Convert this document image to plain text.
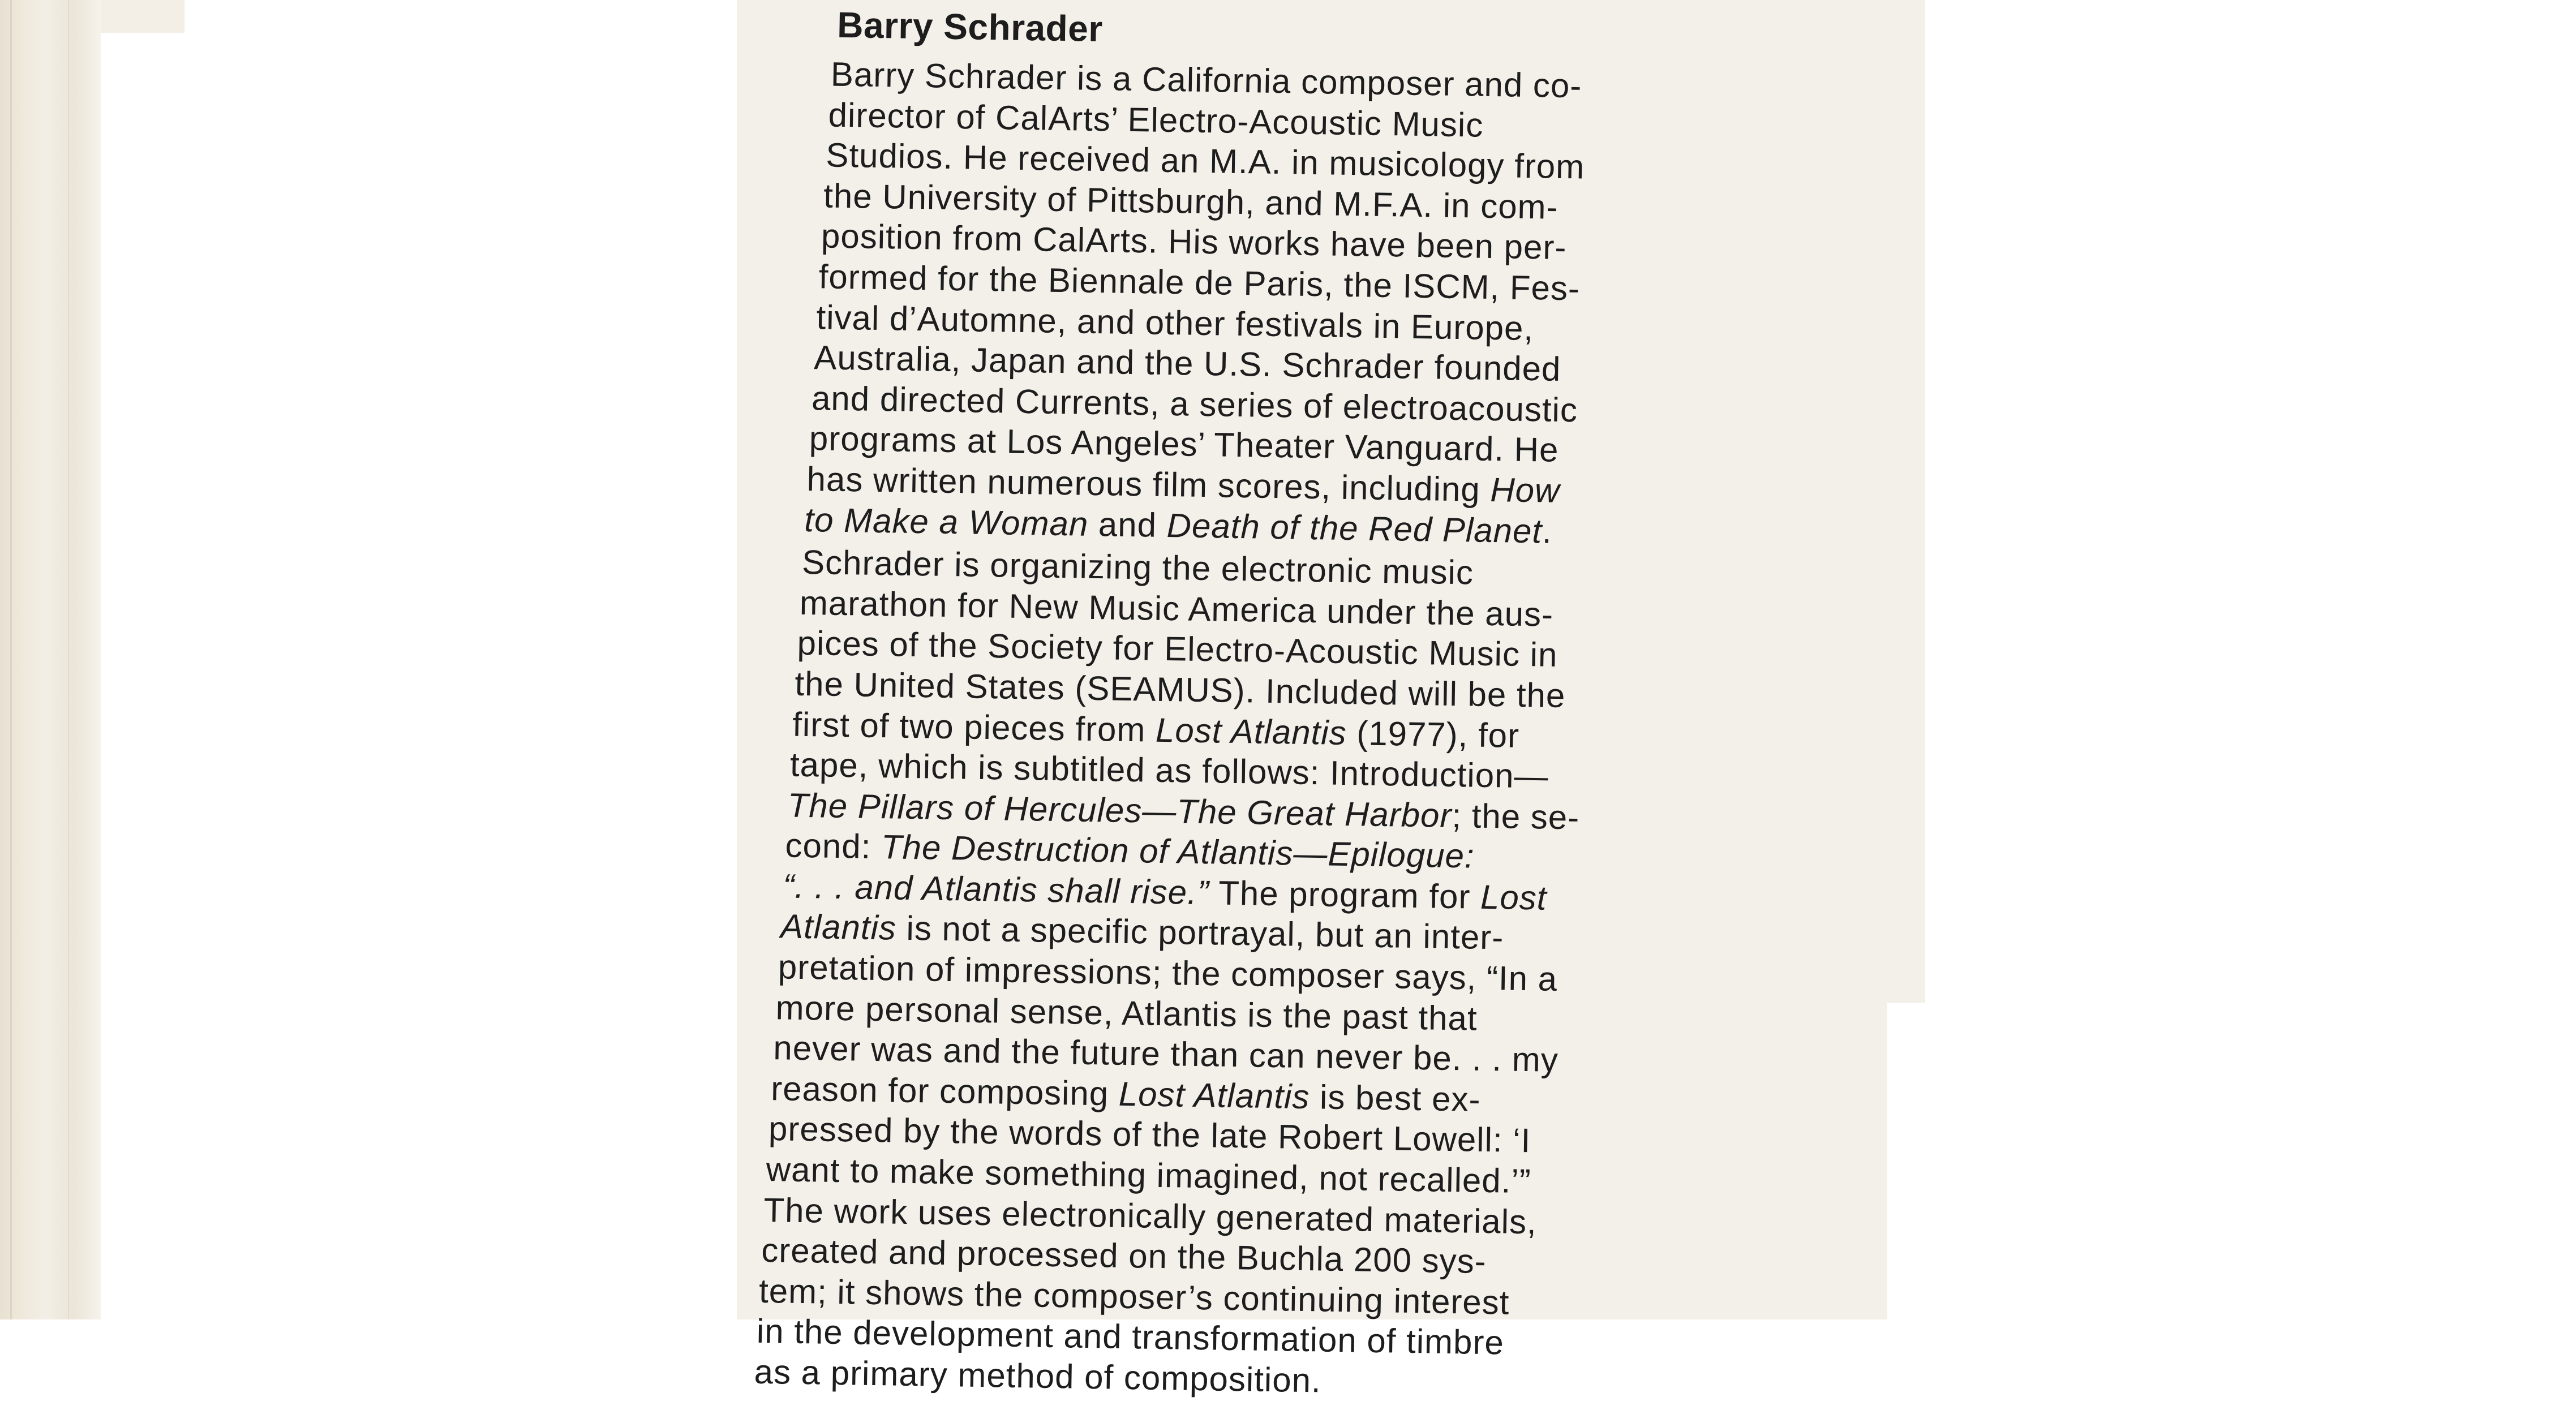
Barry Schrader
Barry Schrader is a California composer and co-
director of CalArts’ Electro-Acoustic Music
Studios. He received an M.A. in musicology from
the University of Pittsburgh, and M.F.A. in com-
position from CalArts. His works have been per-
formed for the Biennale de Paris, the ISCM, Fes-
tival d’Automne, and other festivals in Europe,
Australia, Japan and the U.S. Schrader founded
and directed Currents, a series of electroacoustic
programs at Los Angeles’ Theater Vanguard. He
has written numerous film scores, including How
to Make a Woman and Death of the Red Planet.
Schrader is organizing the electronic music
marathon for New Music America under the aus-
pices of the Society for Electro-Acoustic Music in
the United States (SEAMUS). Included will be the
first of two pieces from Lost Atlantis (1977), for
tape, which is subtitled as follows: Introduction—
The Pillars of Hercules—The Great Harbor; the se-
cond: The Destruction of Atlantis—Epilogue:
“. . . and Atlantis shall rise.” The program for Lost
Atlantis is not a specific portrayal, but an inter-
pretation of impressions; the composer says, “In a
more personal sense, Atlantis is the past that
never was and the future than can never be. . . my
reason for composing Lost Atlantis is best ex-
pressed by the words of the late Robert Lowell: ‘I
want to make something imagined, not recalled.’”
The work uses electronically generated materials,
created and processed on the Buchla 200 sys-
tem; it shows the composer’s continuing interest
in the development and transformation of timbre
as a primary method of composition.
